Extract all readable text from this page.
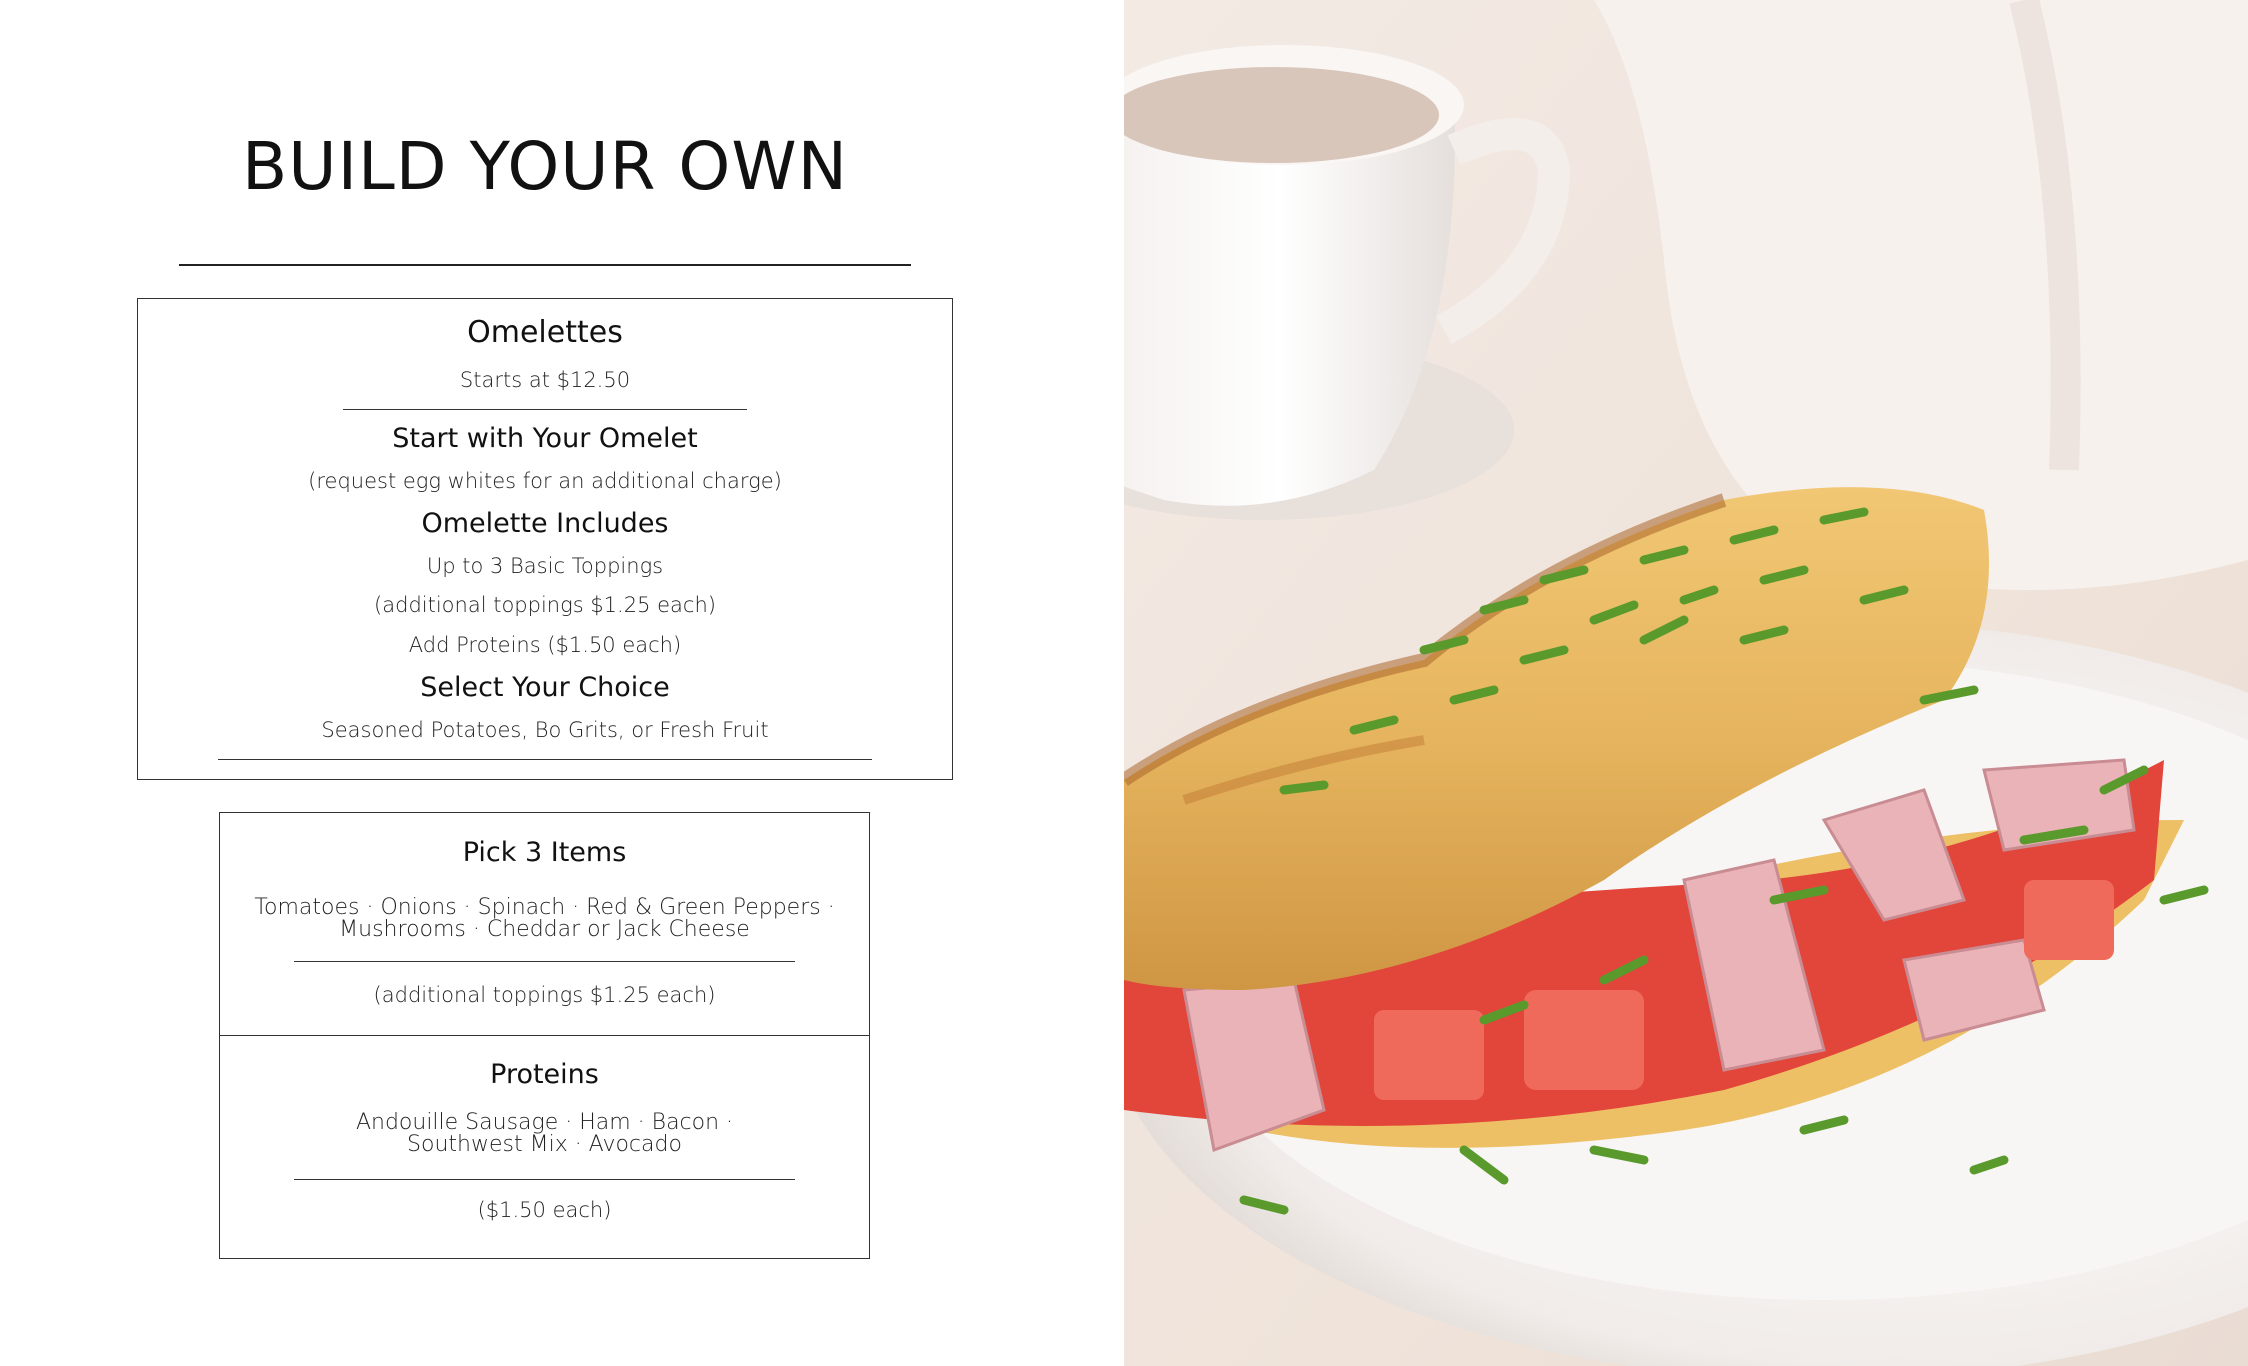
BUILD YOUR OWN
Omelettes
Starts at $12.50
Start with Your Omelet
(request egg whites for an additional charge)
Omelette Includes
Up to 3 Basic Toppings
(additional toppings $1.25 each)
Add Proteins ($1.50 each)
Select Your Choice
Seasoned Potatoes, Bo Grits, or Fresh Fruit
Pick 3 Items
Tomatoes · Onions · Spinach · Red & Green Peppers ·
Mushrooms · Cheddar or Jack Cheese
(additional toppings $1.25 each)
Proteins
Andouille Sausage · Ham · Bacon ·
Southwest Mix · Avocado
($1.50 each)
